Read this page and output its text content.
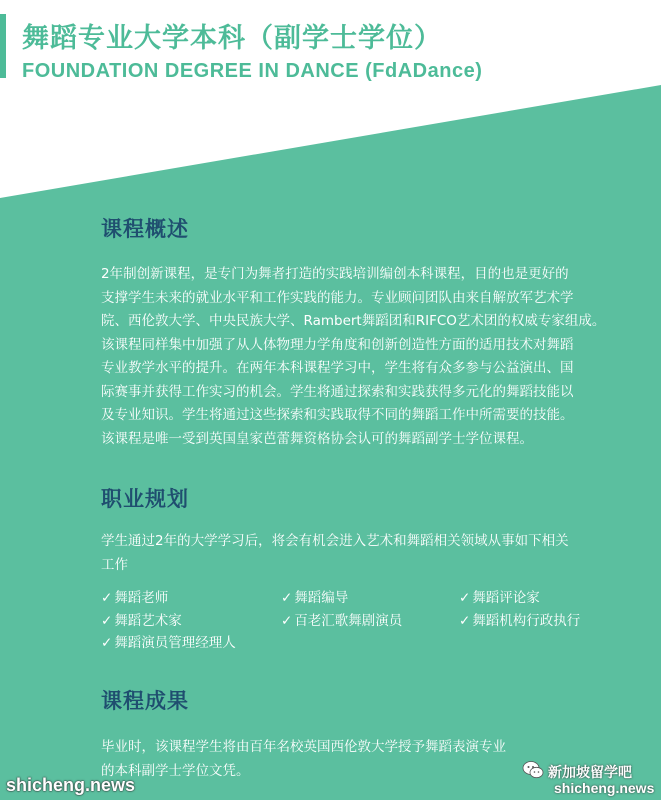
舞蹈专业大学本科（副学士学位）
FOUNDATION DEGREE IN DANCE (FdADance)
课程概述
2年制创新课程，是专门为舞者打造的实践培训编创本科课程，目的也是更好的
支撑学生未来的就业水平和工作实践的能力。专业顾问团队由来自解放军艺术学
院、西伦敦大学、中央民族大学、Rambert舞蹈团和RIFCO艺术团的权威专家组成。
该课程同样集中加强了从人体物理力学角度和创新创造性方面的适用技术对舞蹈
专业教学水平的提升。在两年本科课程学习中，学生将有众多参与公益演出、国
际赛事并获得工作实习的机会。学生将通过探索和实践获得多元化的舞蹈技能以
及专业知识。学生将通过这些探索和实践取得不同的舞蹈工作中所需要的技能。
该课程是唯一受到英国皇家芭蕾舞资格协会认可的舞蹈副学士学位课程。
职业规划
学生通过2年的大学学习后，将会有机会进入艺术和舞蹈相关领域从事如下相关
工作
✓ 舞蹈老师	✓ 舞蹈编导	✓ 舞蹈评论家
✓ 舞蹈艺术家	✓ 百老汇歌舞剧演员	✓ 舞蹈机构行政执行
✓ 舞蹈演员管理经理人
课程成果
毕业时，该课程学生将由百年名校英国西伦敦大学授予舞蹈表演专业
的本科副学士学位文凭。
shicheng.news
新加坡留学吧
shicheng.news
